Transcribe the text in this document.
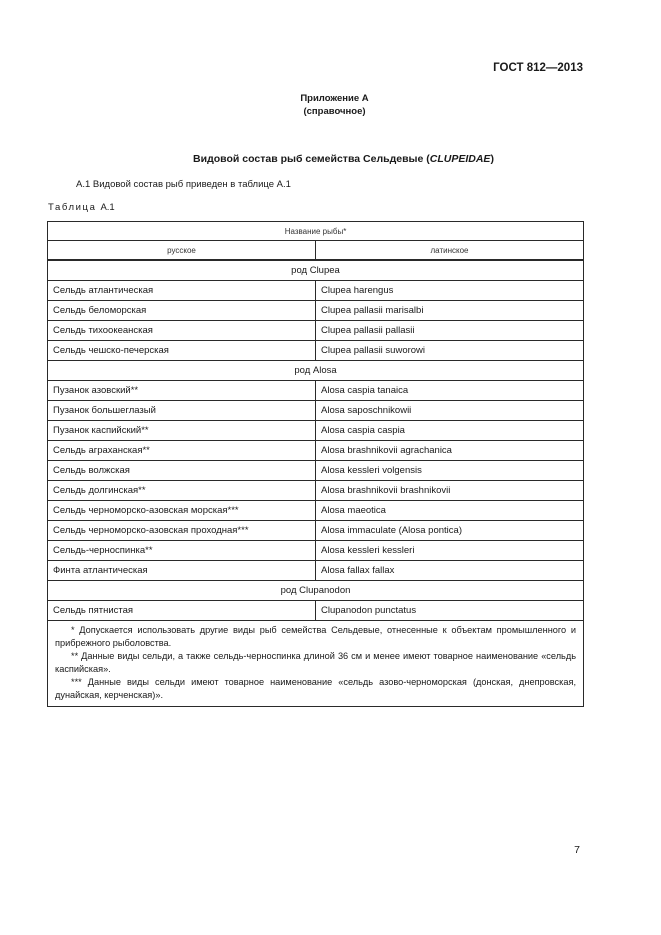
ГОСТ 812—2013
Приложение А
(справочное)
Видовой состав рыб семейства Сельдевые (CLUPEIDAE)
А.1 Видовой состав рыб приведен в таблице А.1
Таблица А.1
Название рыбы*	
русское	латинское
род Clupea	
Сельдь атлантическая	Clupea harengus
Сельдь беломорская	Clupea pallasii marisalbi
Сельдь тихоокеанская	Clupea pallasii pallasii
Сельдь чешско-печерская	Clupea pallasii suworowi
род Alosa	
Пузанок азовский**	Alosa caspia tanaica
Пузанок большеглазый	Alosa saposchnikowii
Пузанок каспийский**	Alosa caspia caspia
Сельдь аграханская**	Alosa brashnikovii agrachanica
Сельдь волжская	Alosa kessleri volgensis
Сельдь долгинская**	Alosa brashnikovii brashnikovii
Сельдь черноморско-азовская морская***	Alosa maeotica
Сельдь черноморско-азовская проходная***	Alosa immaculate (Alosa pontica)
Сельдь-черноспинка**	Alosa kessleri kessleri
Финта атлантическая	Alosa fallax fallax
род Clupanodon	
Сельдь пятнистая	Clupanodon punctatus

* Допускается использовать другие виды рыб семейства Сельдевые, отнесенные к объектам промышленного и прибрежного рыболовства.
** Данные виды сельди, а также сельдь-черноспинка длиной 36 см и менее имеют товарное наименование «сельдь каспийская».
*** Данные виды сельди имеют товарное наименование «сельдь азово-черноморская (донская, днепровская, дунайская, керченская)».	
7
